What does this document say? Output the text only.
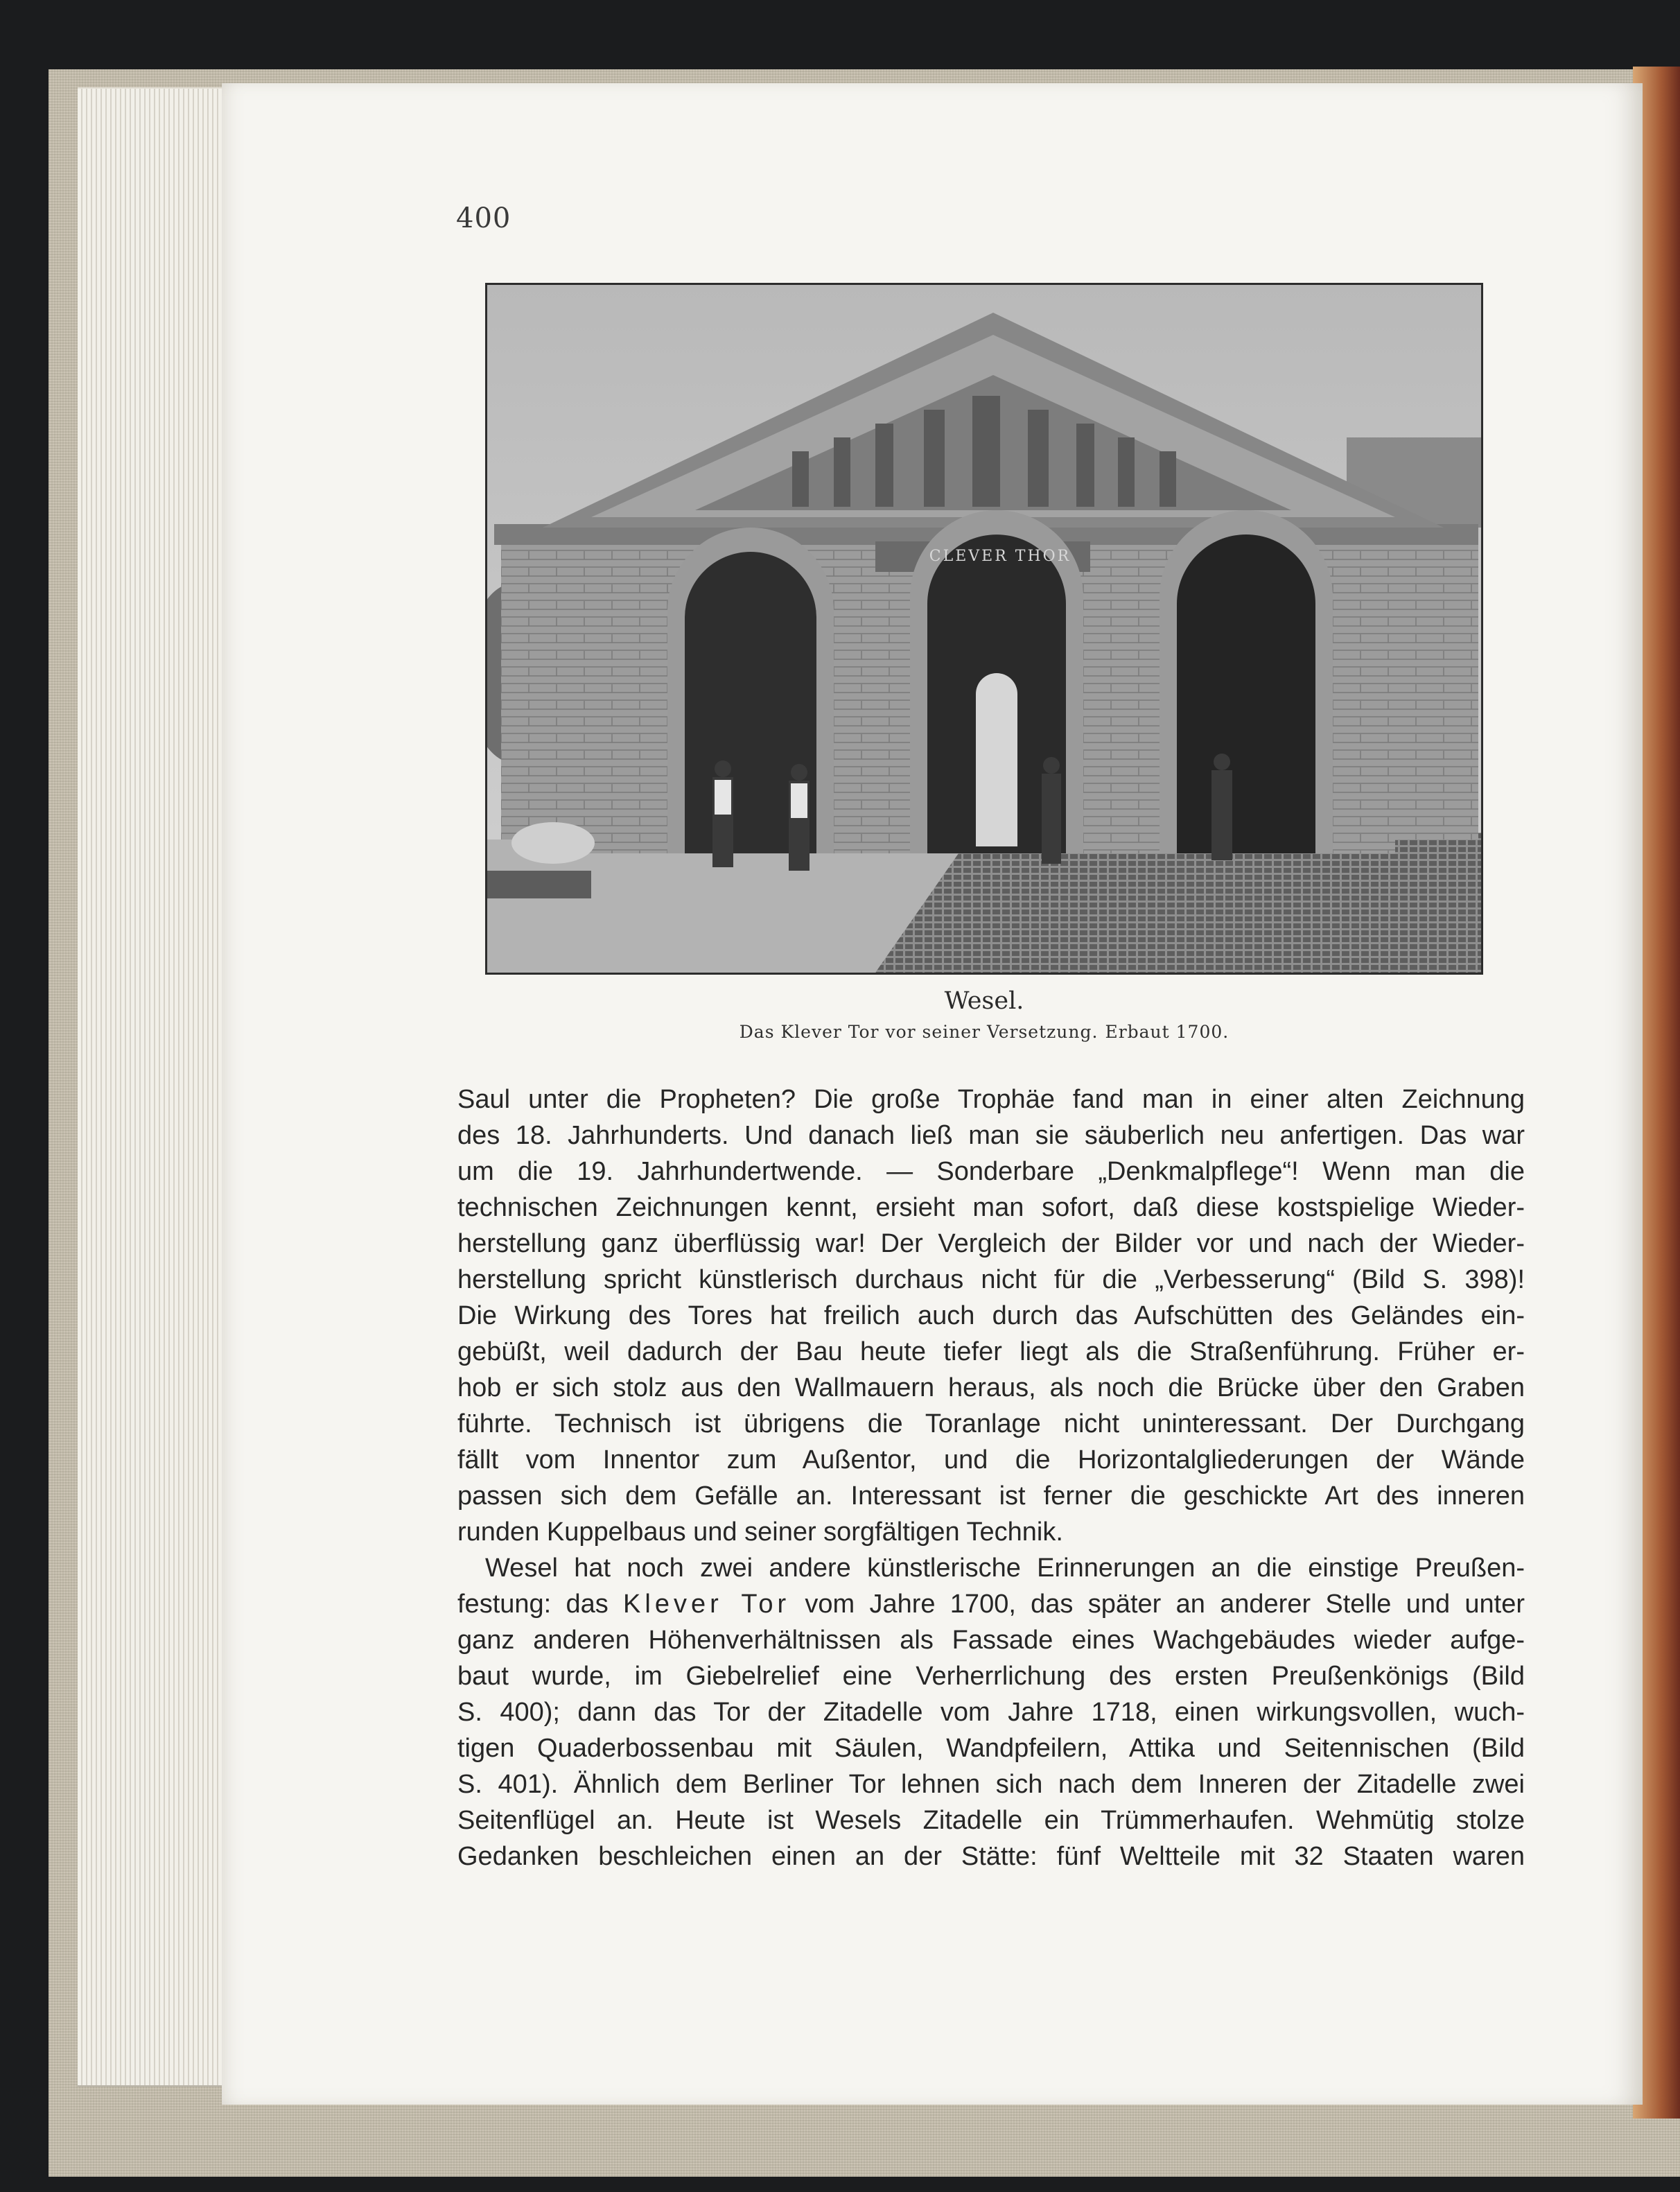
400
CLEVER THOR
Wesel.
Das Klever Tor vor seiner Versetzung. Erbaut 1700.
Saul unter die Propheten? Die große Trophäe fand man in einer alten Zeichnung
des 18. Jahrhunderts. Und danach ließ man sie säuberlich neu anfertigen. Das war
um die 19. Jahrhundertwende. — Sonderbare „Denkmalpflege“! Wenn man die
technischen Zeichnungen kennt, ersieht man sofort, daß diese kostspielige Wieder-
herstellung ganz überflüssig war! Der Vergleich der Bilder vor und nach der Wieder-
herstellung spricht künstlerisch durchaus nicht für die „Verbesserung“ (Bild S. 398)!
Die Wirkung des Tores hat freilich auch durch das Aufschütten des Geländes ein-
gebüßt, weil dadurch der Bau heute tiefer liegt als die Straßenführung. Früher er-
hob er sich stolz aus den Wallmauern heraus, als noch die Brücke über den Graben
führte. Technisch ist übrigens die Toranlage nicht uninteressant. Der Durchgang
fällt vom Innentor zum Außentor, und die Horizontalgliederungen der Wände
passen sich dem Gefälle an. Interessant ist ferner die geschickte Art des inneren
runden Kuppelbaus und seiner sorgfältigen Technik.
Wesel hat noch zwei andere künstlerische Erinnerungen an die einstige Preußen-
festung: das Klever Tor vom Jahre 1700, das später an anderer Stelle und unter
ganz anderen Höhenverhältnissen als Fassade eines Wachgebäudes wieder aufge-
baut wurde, im Giebelrelief eine Verherrlichung des ersten Preußenkönigs (Bild
S. 400); dann das Tor der Zitadelle vom Jahre 1718, einen wirkungsvollen, wuch-
tigen Quaderbossenbau mit Säulen, Wandpfeilern, Attika und Seitennischen (Bild
S. 401). Ähnlich dem Berliner Tor lehnen sich nach dem Inneren der Zitadelle zwei
Seitenflügel an. Heute ist Wesels Zitadelle ein Trümmerhaufen. Wehmütig stolze
Gedanken beschleichen einen an der Stätte: fünf Weltteile mit 32 Staaten waren
